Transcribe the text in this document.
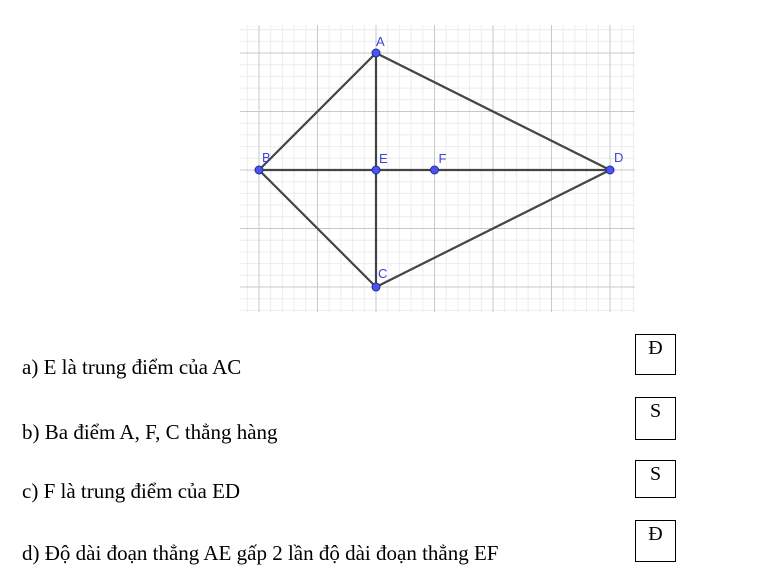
A
B
C
D
E	F
a) E là trung điểm của AC
Đ
b) Ba điểm A, F, C thẳng hàng
S
c) F là trung điểm của ED
S
d) Độ dài đoạn thẳng AE gấp 2 lần độ dài đoạn thẳng EF
Đ
